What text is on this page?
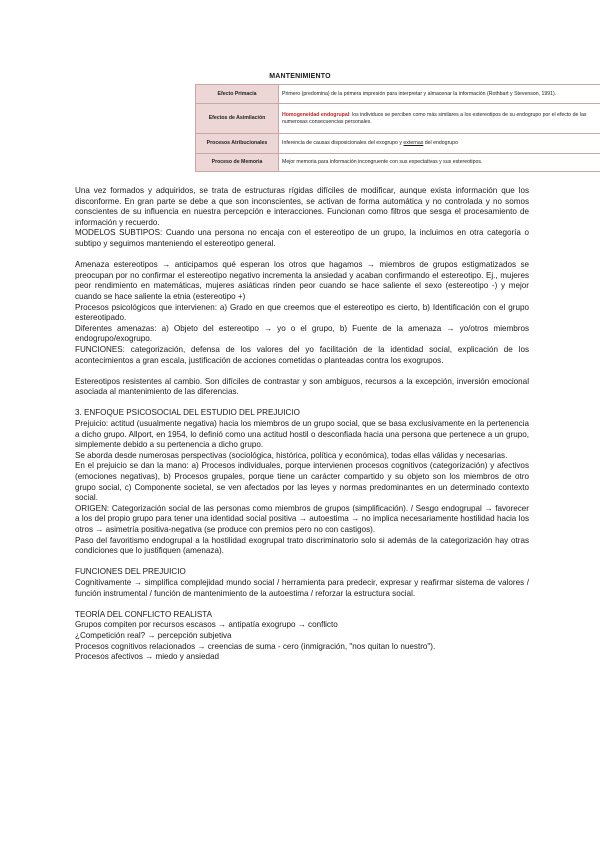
MANTENIMIENTO
Efecto Primacía	Primero (predomina) de la primera impresión para interpretar y almacenar la información (Rothbart y Stevenson, 1991).
Efectos de Asimilación	Homogeneidad endogrupal: los individuos se perciben como más similares a los estereotipos de su endogrupo por el efecto de las numerosas consecuencias personales.
Procesos Atribucionales	Inferencia de causas disposicionales del exogrupo y externas del endogrupo
Proceso de Memoria	Mejor memoria para información incongruente con sus expectativas y sus estereotipos.

Una vez formados y adquiridos, se trata de estructuras rígidas difíciles de modificar, aunque exista información que los disconforme. En gran parte se debe a que son inconscientes, se activan de forma automática y no controlada y no somos conscientes de su influencia en nuestra percepción e interacciones. Funcionan como filtros que sesga el procesamiento de información y recuerdo.

MODELOS SUBTIPOS: Cuando una persona no encaja con el estereotipo de un grupo, la incluimos en otra categoría o subtipo y seguimos manteniendo el estereotipo general.

Amenaza estereotipos → anticipamos qué esperan los otros que hagamos → miembros de grupos estigmatizados se preocupan por no confirmar el estereotipo negativo incrementa la ansiedad y acaban confirmando el estereotipo. Ej., mujeres peor rendimiento en matemáticas, mujeres asiáticas rinden peor cuando se hace saliente el sexo (estereotipo -) y mejor cuando se hace saliente la etnia (estereotipo +)

Procesos psicológicos que intervienen: a) Grado en que creemos que el estereotipo es cierto, b) Identificación con el grupo estereotipado.

Diferentes amenazas: a) Objeto del estereotipo → yo o el grupo, b) Fuente de la amenaza → yo/otros miembros endogrupo/exogrupo.

FUNCIONES: categorización, defensa de los valores del yo facilitación de la identidad social, explicación de los acontecimientos a gran escala, justificación de acciones cometidas o planteadas contra los exogrupos.

Estereotipos resistentes al cambio. Son difíciles de contrastar y son ambiguos, recursos a la excepción, inversión emocional asociada al mantenimiento de las diferencias.

3. ENFOQUE PSICOSOCIAL DEL ESTUDIO DEL PREJUICIO

Prejuicio: actitud (usualmente negativa) hacia los miembros de un grupo social, que se basa exclusivamente en la pertenencia a dicho grupo. Allport, en 1954, lo definió como una actitud hostil o desconfiada hacia una persona que pertenece a un grupo, simplemente debido a su pertenencia a dicho grupo.

Se aborda desde numerosas perspectivas (sociológica, histórica, política y económica), todas ellas válidas y necesarias.

En el prejuicio se dan la mano: a) Procesos individuales, porque intervienen procesos cognitivos (categorización) y afectivos (emociones negativas), b) Procesos grupales, porque tiene un carácter compartido y su objeto son los miembros de otro grupo social, c) Componente societal, se ven afectados por las leyes y normas predominantes en un determinado contexto social.

ORIGEN: Categorización social de las personas como miembros de grupos (simplificación). / Sesgo endogrupal → favorecer a los del propio grupo para tener una identidad social positiva → autoestima → no implica necesariamente hostilidad hacia los otros → asimetría positiva-negativa (se produce con premios pero no con castigos).

Paso del favoritismo endogrupal a la hostilidad exogrupal trato discriminatorio solo si además de la categorización hay otras condiciones que lo justifiquen (amenaza).

FUNCIONES DEL PREJUICIO

Cognitivamente → simplifica complejidad mundo social / herramienta para predecir, expresar y reafirmar sistema de valores / función instrumental / función de mantenimiento de la autoestima / reforzar la estructura social.

TEORÍA DEL CONFLICTO REALISTA

Grupos compiten por recursos escasos → antipatía exogrupo → conflicto

¿Competición real? → percepción subjetiva

Procesos cognitivos relacionados → creencias de suma - cero (inmigración, "nos quitan lo nuestro").

Procesos afectivos → miedo y ansiedad
